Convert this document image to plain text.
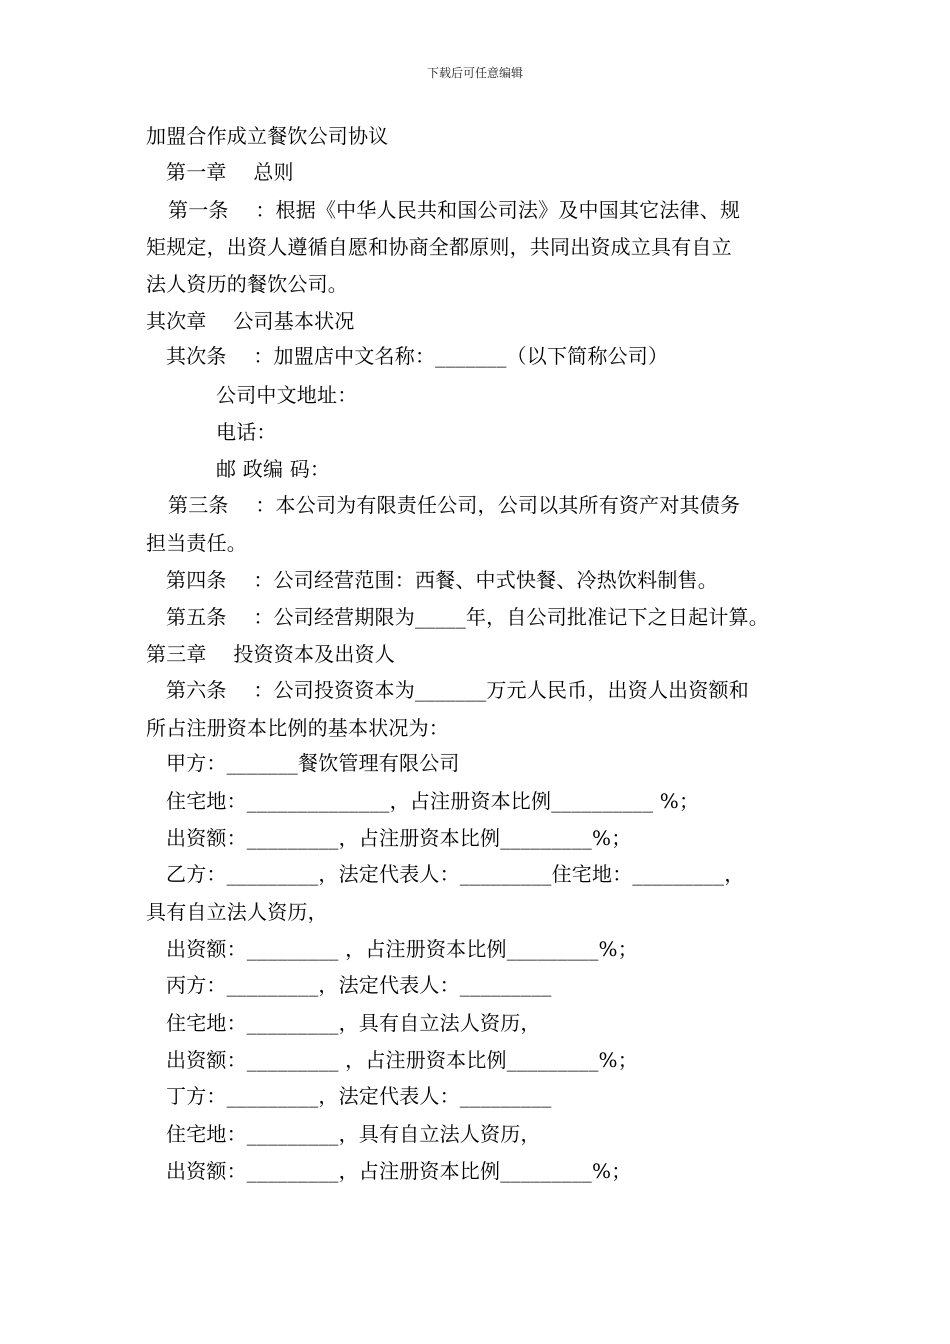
下载后可任意编辑
加盟合作成立餐饮公司协议
第一章　 总则
第一条　 ：根据《中华人民共和国公司法》及中国其它法律、规
矩规定，出资人遵循自愿和协商全都原则，共同出资成立具有自立
法人资历的餐饮公司。
其次章　 公司基本状况
其次条　 ：加盟店中文名称：_______（以下简称公司）
公司中文地址：
电话：
邮 政编 码：
第三条　 ：本公司为有限责任公司，公司以其所有资产对其债务
担当责任。
第四条　 ：公司经营范围：西餐、中式快餐、冷热饮料制售。
第五条　 ：公司经营期限为_____年，自公司批准记下之日起计算。
第三章　 投资资本及出资人
第六条　 ：公司投资资本为_______万元人民币，出资人出资额和
所占注册资本比例的基本状况为：
甲方：_______餐饮管理有限公司
住宅地：______________，占注册资本比例__________ %；
出资额：_________，占注册资本比例_________%；
乙方：_________，法定代表人：_________住宅地：_________，
具有自立法人资历，
出资额：_________ ，占注册资本比例_________%；
丙方：_________，法定代表人：_________
住宅地：_________，具有自立法人资历，
出资额：_________ ，占注册资本比例_________%；
丁方：_________，法定代表人：_________
住宅地：_________，具有自立法人资历，
出资额：_________，占注册资本比例_________%；
